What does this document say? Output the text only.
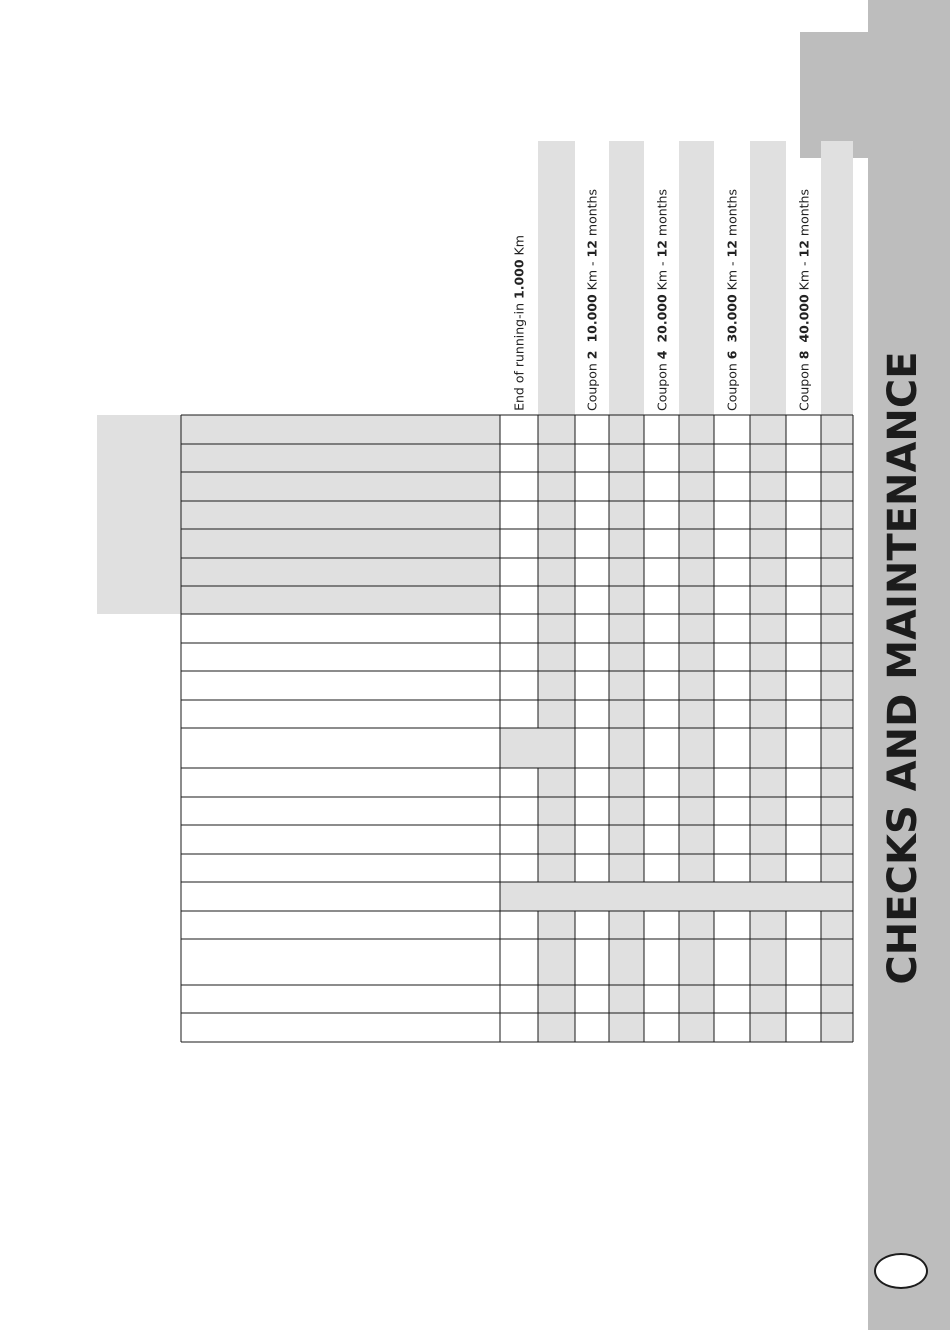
CHECKS AND MAINTENANCE
End of running-in 1.000 Km

Coupon 2  10.000 Km - 12 months

Coupon 4  20.000 Km - 12 months

Coupon 6  30.000 Km - 12 months

Coupon 8  40.000 Km - 12 months
